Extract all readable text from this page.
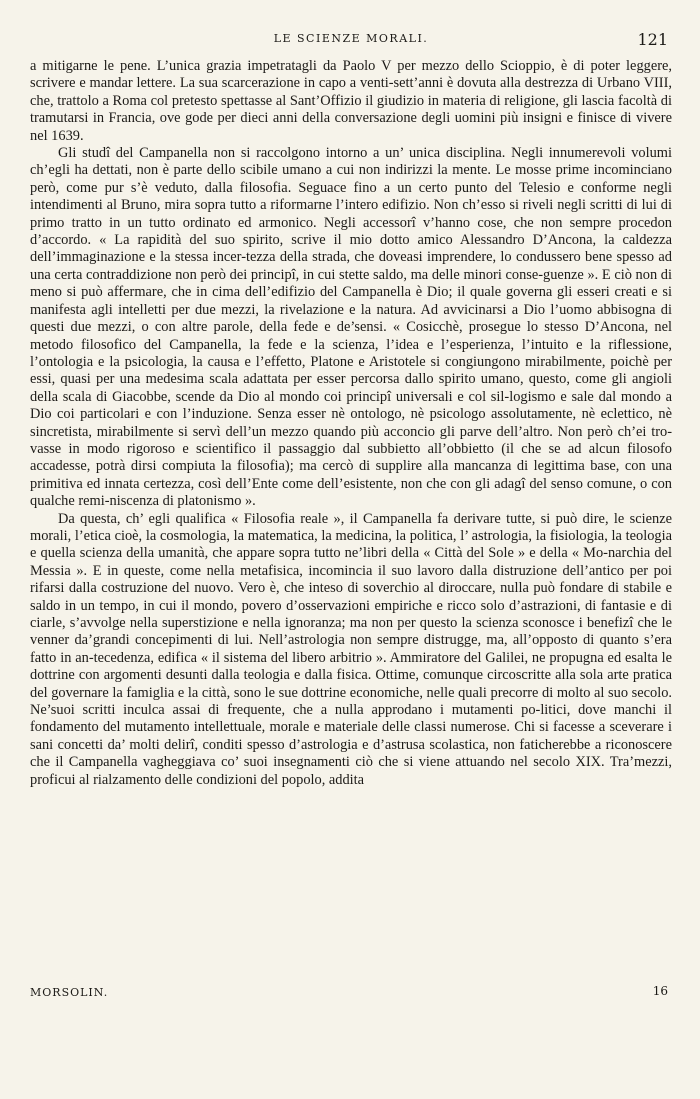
LE SCIENZE MORALI.	121

a mitigarne le pene. L’unica grazia impetratagli da Paolo V per mezzo dello Scioppio, è di poter leggere, scrivere e mandar lettere. La sua scarcerazione in capo a venti-sett’anni è dovuta alla destrezza di Urbano VIII, che, trattolo a Roma col pretesto spettasse al Sant’Offizio il giudizio in materia di religione, gli lascia facoltà di tramutarsi in Francia, ove gode per dieci anni della conversazione degli uomini più insigni e finisce di vivere nel 1639.

Gli studî del Campanella non si raccolgono intorno a un’ unica disciplina. Negli innumerevoli volumi ch’egli ha dettati, non è parte dello scibile umano a cui non indirizzi la mente. Le mosse prime incominciano però, come pur s’è veduto, dalla filosofia. Seguace fino a un certo punto del Telesio e conforme negli intendimenti al Bruno, mira sopra tutto a riformarne l’intero edifizio. Non ch’esso si riveli negli scritti di lui di primo tratto in un tutto ordinato ed armonico. Negli accessorî v’hanno cose, che non sempre procedon d’accordo. « La rapidità del suo spirito, scrive il mio dotto amico Alessandro D’Ancona, la caldezza dell’immaginazione e la stessa incer-tezza della strada, che doveasi imprendere, lo condussero bene spesso ad una certa contraddizione non però dei principî, in cui stette saldo, ma delle minori conse-guenze ». E ciò non di meno si può affermare, che in cima dell’edifizio del Campanella è Dio; il quale governa gli esseri creati e si manifesta agli intelletti per due mezzi, la rivelazione e la natura. Ad avvicinarsi a Dio l’uomo abbisogna di questi due mezzi, o con altre parole, della fede e de’sensi. « Cosicchè, prosegue lo stesso D’Ancona, nel metodo filosofico del Campanella, la fede e la scienza, l’idea e l’esperienza, l’intuito e la riflessione, l’ontologia e la psicologia, la causa e l’effetto, Platone e Aristotele si congiungono mirabilmente, poichè per essi, quasi per una medesima scala adattata per esser percorsa dallo spirito umano, questo, come gli angioli della scala di Giacobbe, scende da Dio al mondo coi principî universali e col sil-logismo e sale dal mondo a Dio coi particolari e con l’induzione. Senza esser nè ontologo, nè psicologo assolutamente, nè eclettico, nè sincretista, mirabilmente si servì dell’un mezzo quando più acconcio gli parve dell’altro. Non però ch’ei tro-vasse in modo rigoroso e scientifico il passaggio dal subbietto all’obbietto (il che se ad alcun filosofo accadesse, potrà dirsi compiuta la filosofia); ma cercò di supplire alla mancanza di legittima base, con una primitiva ed innata certezza, così dell’Ente come dell’esistente, non che con gli adagî del senso comune, o con qualche remi-niscenza di platonismo ».

Da questa, ch’ egli qualifica « Filosofia reale », il Campanella fa derivare tutte, si può dire, le scienze morali, l’etica cioè, la cosmologia, la matematica, la medicina, la politica, l’ astrologia, la fisiologia, la teologia e quella scienza della umanità, che appare sopra tutto ne’libri della « Città del Sole » e della « Mo-narchia del Messia ». E in queste, come nella metafisica, incomincia il suo lavoro dalla distruzione dell’antico per poi rifarsi dalla costruzione del nuovo. Vero è, che inteso di soverchio al diroccare, nulla può fondare di stabile e saldo in un tempo, in cui il mondo, povero d’osservazioni empiriche e ricco solo d’astrazioni, di fantasie e di ciarle, s’avvolge nella superstizione e nella ignoranza; ma non per questo la scienza sconosce i benefizî che le venner da’grandi concepimenti di lui. Nell’astrologia non sempre distrugge, ma, all’opposto di quanto s’era fatto in an-tecedenza, edifica « il sistema del libero arbitrio ». Ammiratore del Galilei, ne propugna ed esalta le dottrine con argomenti desunti dalla teologia e dalla fisica. Ottime, comunque circoscritte alla sola arte pratica del governare la famiglia e la città, sono le sue dottrine economiche, nelle quali precorre di molto al suo secolo. Ne’suoi scritti inculca assai di frequente, che a nulla approdano i mutamenti po-litici, dove manchi il fondamento del mutamento intellettuale, morale e materiale delle classi numerose. Chi si facesse a sceverare i sani concetti da’ molti delirî, conditi spesso d’astrologia e d’astrusa scolastica, non faticherebbe a riconoscere che il Campanella vagheggiava co’ suoi insegnamenti ciò che si viene attuando nel secolo XIX. Tra’mezzi, proficui al rialzamento delle condizioni del popolo, addita

MORSOLIN.	16
